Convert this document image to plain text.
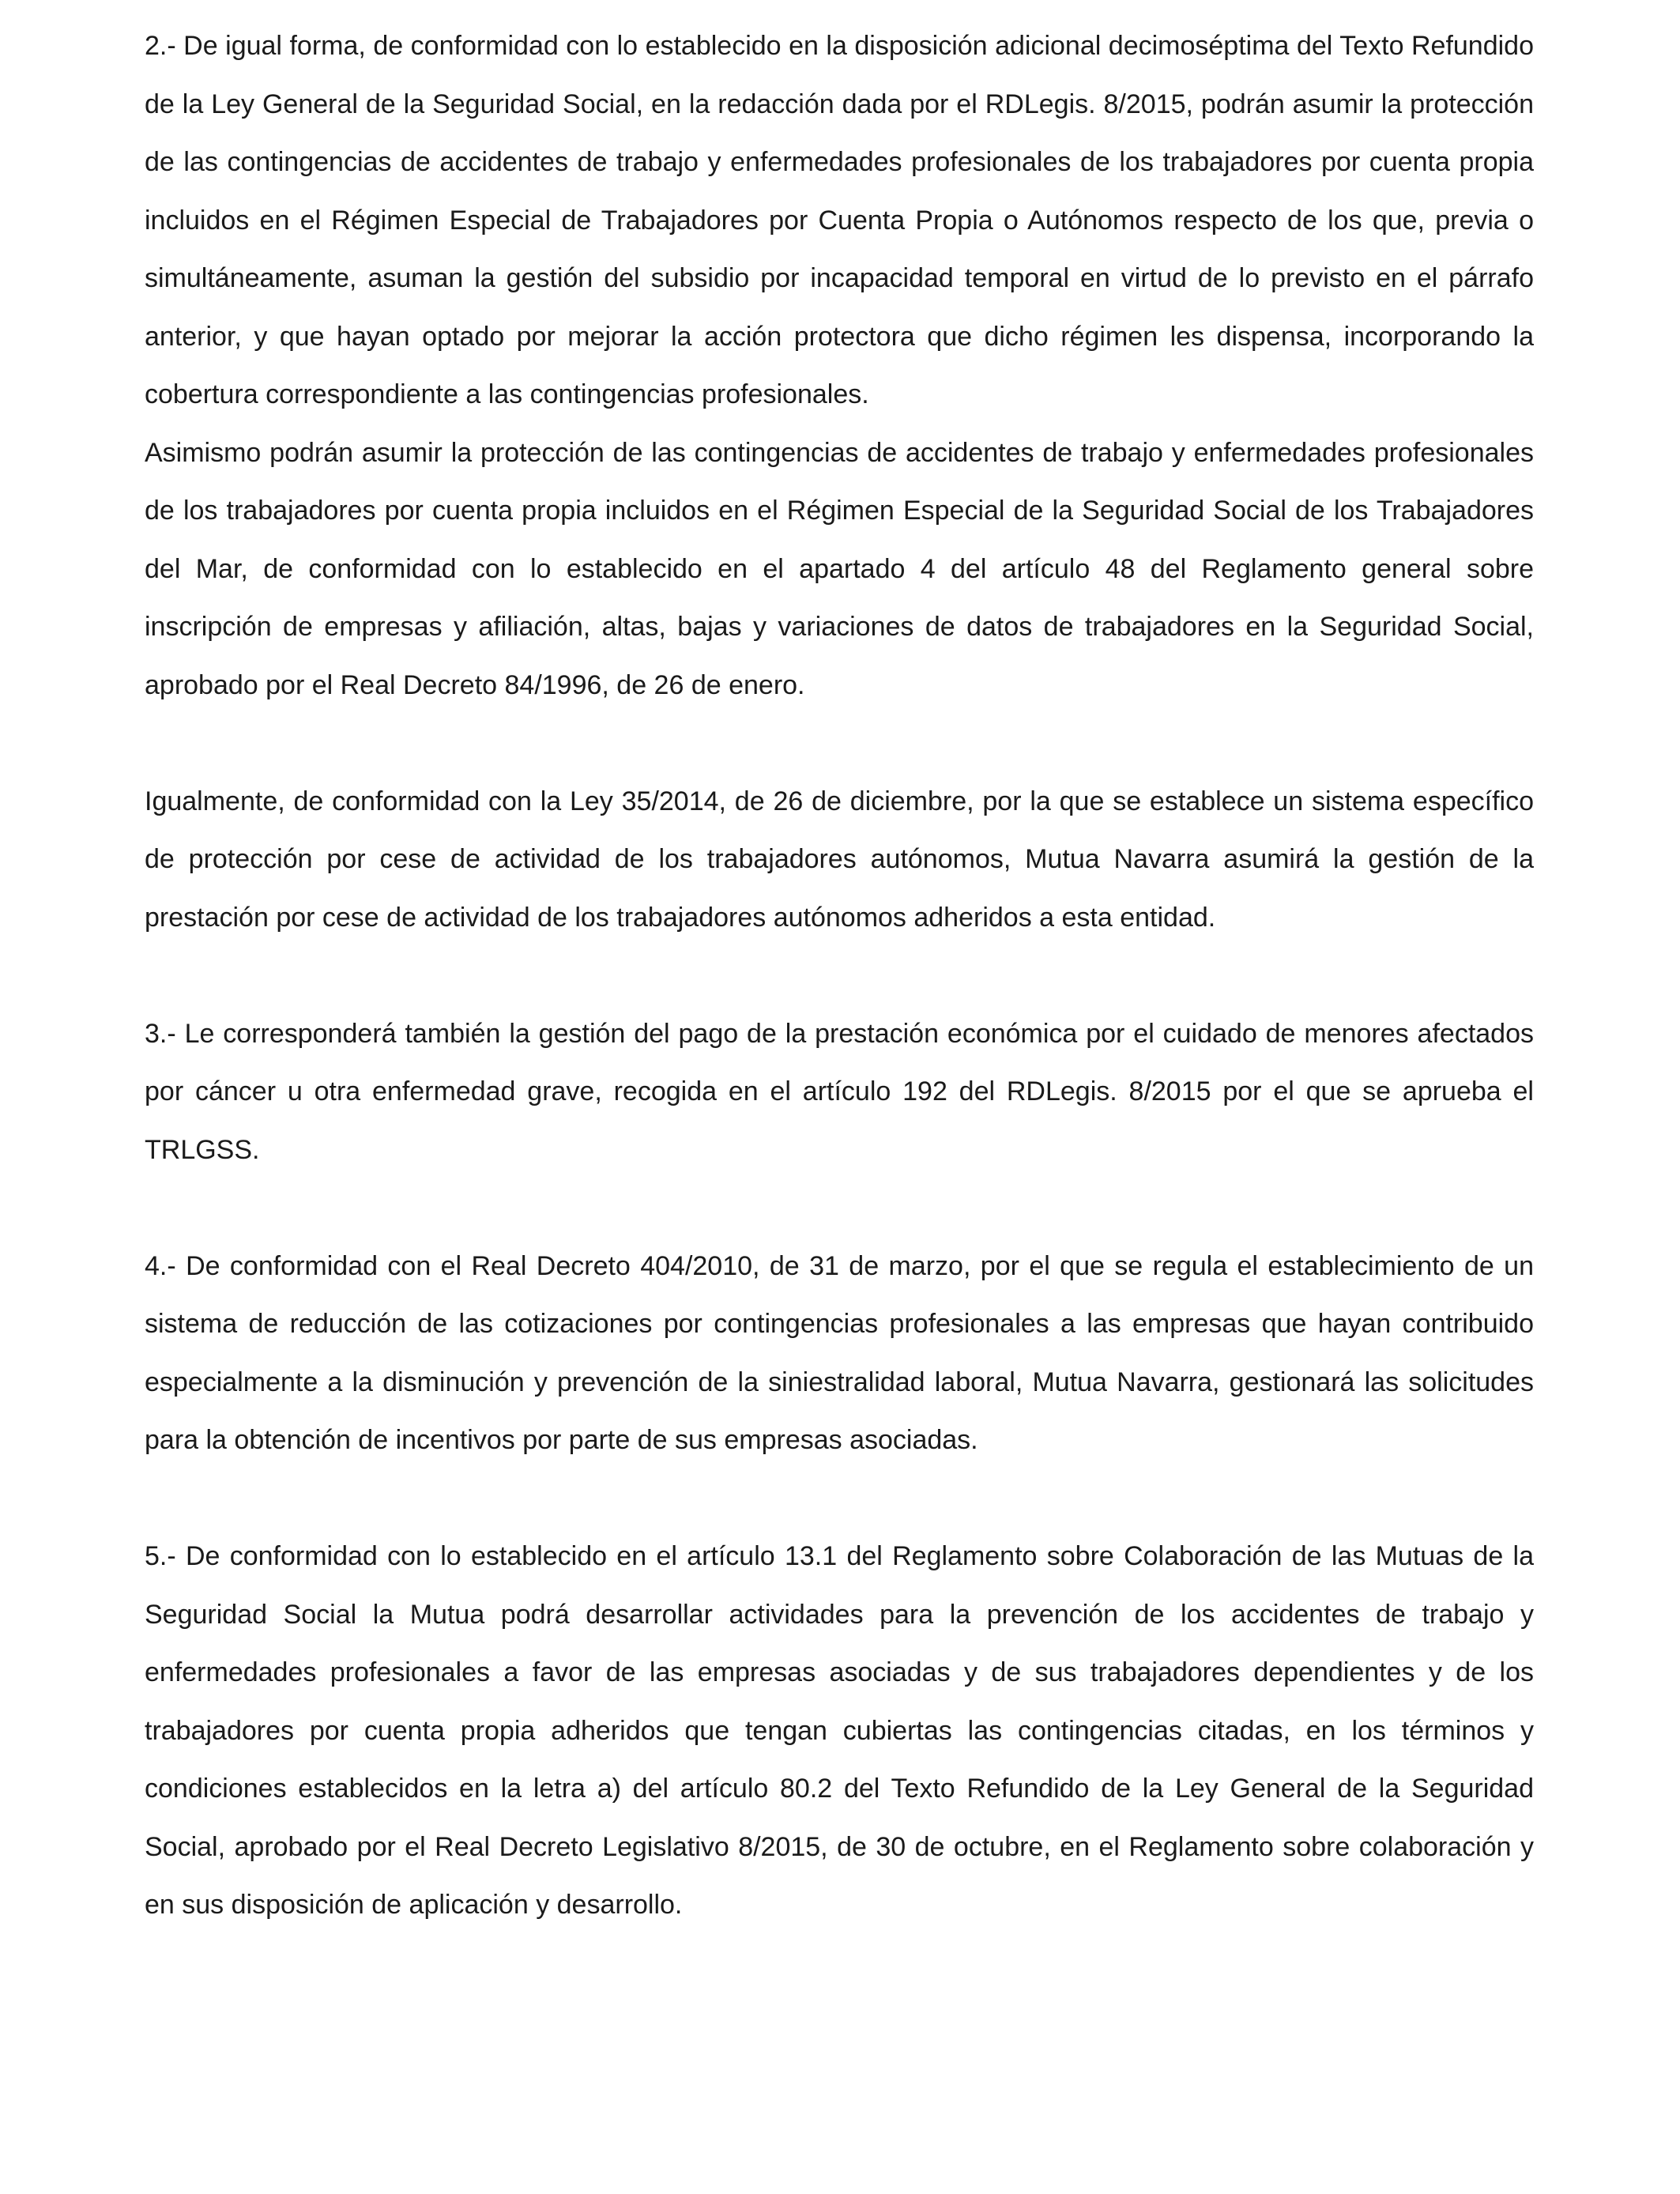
2.- De igual forma, de conformidad con lo establecido en la disposición adicional decimoséptima del Texto Refundido de la Ley General de la Seguridad Social, en la redacción dada por el RDLegis. 8/2015, podrán asumir la protección de las contingencias de accidentes de trabajo y enfermedades profesionales de los trabajadores por cuenta propia incluidos en el Régimen Especial de Trabajadores por Cuenta Propia o Autónomos respecto de los que, previa o simultáneamente, asuman la gestión del subsidio por incapacidad temporal en virtud de lo previsto en el párrafo anterior, y que hayan optado por mejorar la acción protectora que dicho régimen les dispensa, incorporando la cobertura correspondiente a las contingencias profesionales.

Asimismo podrán asumir la protección de las contingencias de accidentes de trabajo y enfermedades profesionales de los trabajadores por cuenta propia incluidos en el Régimen Especial de la Seguridad Social de los Trabajadores del Mar, de conformidad con lo establecido en el apartado 4 del artículo 48 del Reglamento general sobre inscripción de empresas y afiliación, altas, bajas y variaciones de datos de trabajadores en la Seguridad Social, aprobado por el Real Decreto 84/1996, de 26 de enero.

Igualmente, de conformidad con la Ley 35/2014, de 26 de diciembre, por la que se establece un sistema específico de protección por cese de actividad de los trabajadores autónomos, Mutua Navarra asumirá la gestión de la prestación por cese de actividad de los trabajadores autónomos adheridos a esta entidad.

3.- Le corresponderá también la gestión del pago de la prestación económica por el cuidado de menores afectados por cáncer u otra enfermedad grave, recogida en el artículo 192 del RDLegis. 8/2015 por el que se aprueba el TRLGSS.

4.- De conformidad con el Real Decreto 404/2010, de 31 de marzo, por el que se regula el establecimiento de un sistema de reducción de las cotizaciones por contingencias profesionales a las empresas que hayan contribuido especialmente a la disminución y prevención de la siniestralidad laboral, Mutua Navarra, gestionará las solicitudes para la obtención de incentivos por parte de sus empresas asociadas.

5.- De conformidad con lo establecido en el artículo 13.1 del Reglamento sobre Colaboración de las Mutuas de la Seguridad Social la Mutua podrá desarrollar actividades para la prevención de los accidentes de trabajo y enfermedades profesionales a favor de las empresas asociadas y de sus trabajadores dependientes y de los trabajadores por cuenta propia adheridos que tengan cubiertas las contingencias citadas, en los términos y condiciones establecidos en la letra a) del artículo 80.2 del Texto Refundido de la Ley General de la Seguridad Social, aprobado por el Real Decreto Legislativo 8/2015, de 30 de octubre, en el Reglamento sobre colaboración y en sus disposición de aplicación y desarrollo.
